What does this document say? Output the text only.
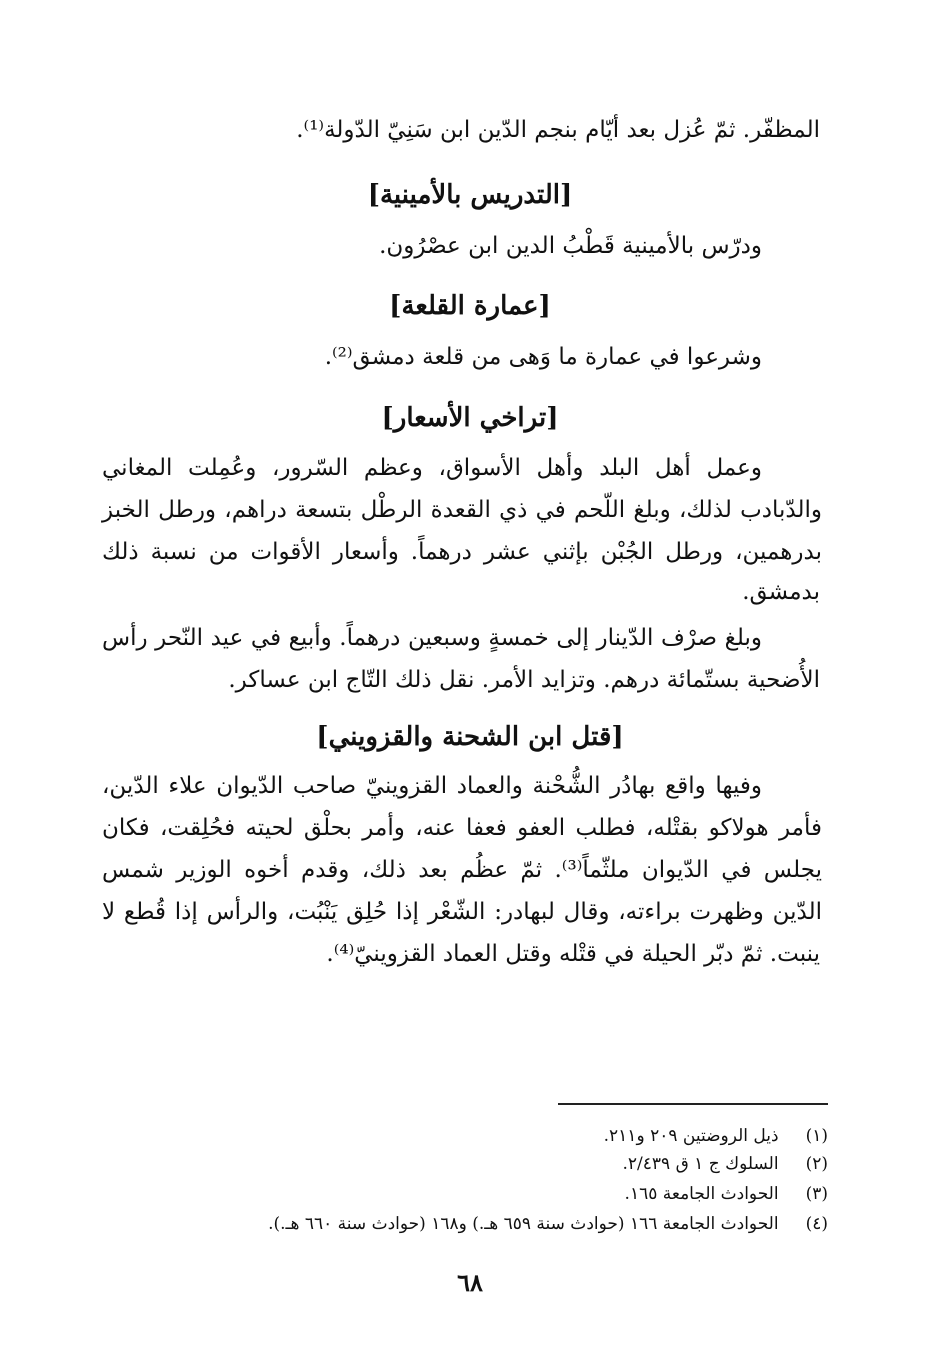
المظفّر. ثمّ عُزل بعد أيّام بنجم الدّين ابن سَنِيّ الدّولة⁽¹⁾.
[التدريس بالأمينية]
ودرّس بالأمينية قَطْبُ الدين ابن عصْرُون.
[عمارة القلعة]
وشرعوا في عمارة ما وَهى من قلعة دمشق⁽²⁾.
[تراخي الأسعار]
وعمل أهل البلد وأهل الأسواق، وعظم السّرور، وعُمِلت المغاني
والدّبادب لذلك، وبلغ اللّحم في ذي القعدة الرطْل بتسعة دراهم، ورطل الخبز
بدرهمين، ورطل الجُبْن بإثني عشر درهماً. وأسعار الأقوات من نسبة ذلك
بدمشق.
وبلغ صرْف الدّينار إلى خمسةٍ وسبعين درهماً. وأبيع في عيد النّحر رأس
الأُضحية بستّمائة درهم. وتزايد الأمر. نقل ذلك التّاج ابن عساكر.
[قتل ابن الشحنة والقزويني]
وفيها واقع بهادُر الشُّحْنة والعماد القزوينيّ صاحب الدّيوان علاء الدّين،
فأمر هولاكو بقتْله، فطلب العفو فعفا عنه، وأمر بحلْق لحيته فحُلِقت، فكان
يجلس في الدّيوان ملثّماً⁽³⁾. ثمّ عظُم بعد ذلك، وقدم أخوه الوزير شمس
الدّين وظهرت براءته، وقال لبهادر: الشّعْر إذا حُلِق يَنْبُت، والرأس إذا قُطع لا
ينبت. ثمّ دبّر الحيلة في قتْله وقتل العماد القزوينيّ⁽⁴⁾.
(١) ذيل الروضتين ٢٠٩ و٢١١.
(٢) السلوك ج ١ ق ٢/٤٣٩.
(٣) الحوادث الجامعة ١٦٥.
(٤) الحوادث الجامعة ١٦٦ (حوادث سنة ٦٥٩ هـ.) و١٦٨ (حوادث سنة ٦٦٠ هـ.).
٦٨
